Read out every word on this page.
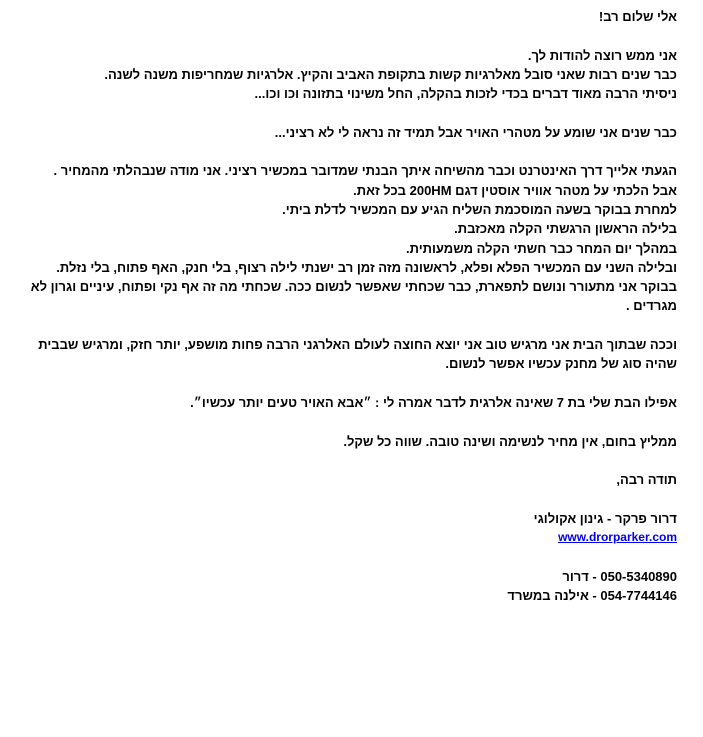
אלי שלום רב!

אני ממש רוצה להודות לך.
כבר שנים רבות שאני סובל מאלרגיות קשות בתקופת האביב והקיץ. אלרגיות שמחריפות משנה לשנה.
ניסיתי הרבה מאוד דברים בכדי לזכות בהקלה, החל משינוי בתזונה וכו וכו...

כבר שנים אני שומע על מטהרי האויר אבל תמיד זה נראה לי לא רציני...

הגעתי אלייך דרך האינטרנט וכבר מהשיחה איתך הבנתי שמדובר במכשיר רציני. אני מודה שנבהלתי מהמחיר .
אבל הלכתי על מטהר אוויר אוסטין דגם 200HM בכל זאת.
למחרת בבוקר בשעה המוסכמת השליח הגיע עם המכשיר לדלת ביתי.
בלילה הראשון הרגשתי הקלה מאכזבת.
במהלך יום המחר כבר חשתי הקלה משמעותית.
ובלילה השני עם המכשיר הפלא ופלא, לראשונה מזה זמן רב ישנתי לילה רצוף, בלי חנק, האף פתוח, בלי נזלת.
בבוקר אני מתעורר ונושם לתפארת, כבר שכחתי שאפשר לנשום ככה. שכחתי מה זה אף נקי ופתוח, עיניים וגרון לא מגרדים .

וככה שבתוך הבית אני מרגיש טוב אני יוצא החוצה לעולם האלרגני הרבה פחות מושפע, יותר חזק, ומרגיש שבבית שהיה סוג של מחנק עכשיו אפשר לנשום.

אפילו הבת שלי בת 7 שאינה אלרגית לדבר אמרה לי : ״אבא האויר טעים יותר עכשיו״.

ממליץ בחום, אין מחיר לנשימה ושינה טובה. שווה כל שקל.

תודה רבה,

דרור פרקר - גינון אקולוגי
www.drorparker.com

050-5340890 - דרור
054-7744146 - אילנה במשרד
